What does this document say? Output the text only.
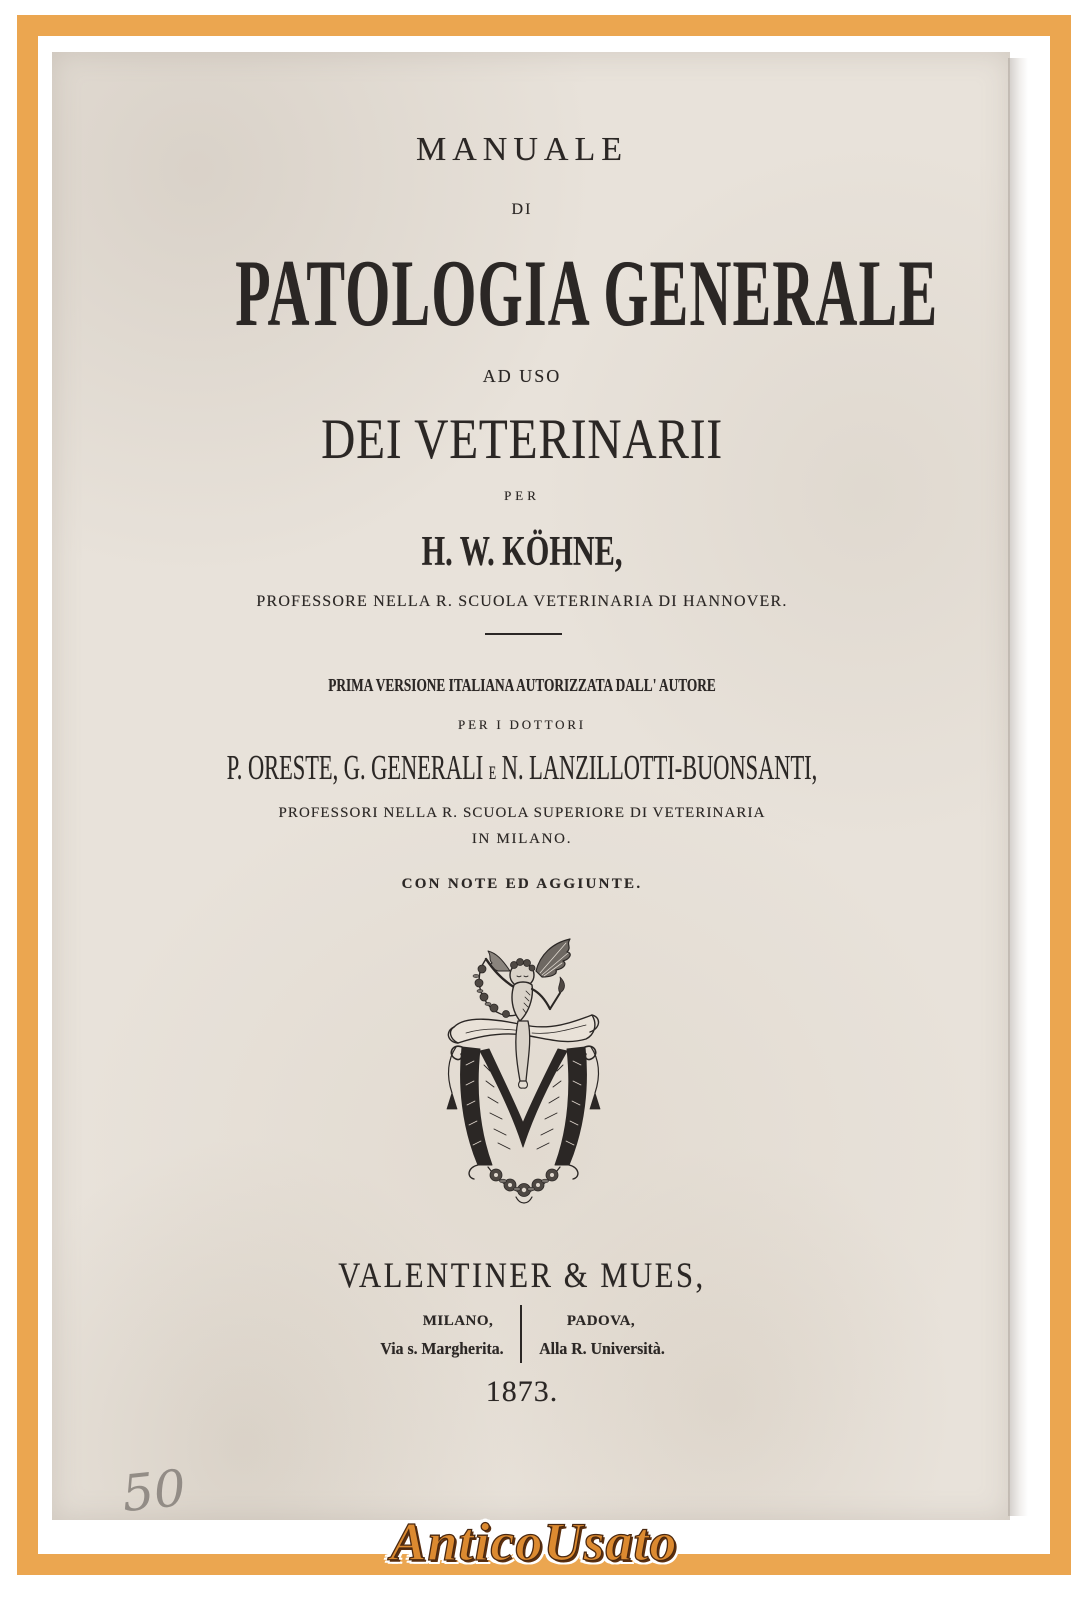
MANUALE
DI
PATOLOGIA GENERALE
AD USO
DEI VETERINARII
PER
H. W. KÖHNE,
PROFESSORE NELLA R. SCUOLA VETERINARIA DI HANNOVER.
PRIMA VERSIONE ITALIANA AUTORIZZATA DALL' AUTORE
PER I DOTTORI
P. ORESTE, G. GENERALI E N. LANZILLOTTI-BUONSANTI,
PROFESSORI NELLA R. SCUOLA SUPERIORE DI VETERINARIA
IN MILANO.
CON NOTE ED AGGIUNTE.
VALENTINER & MUES,
MILANO,
Via s. Margherita.
PADOVA,
Alla R. Università.
1873.
50
AnticoUsato
